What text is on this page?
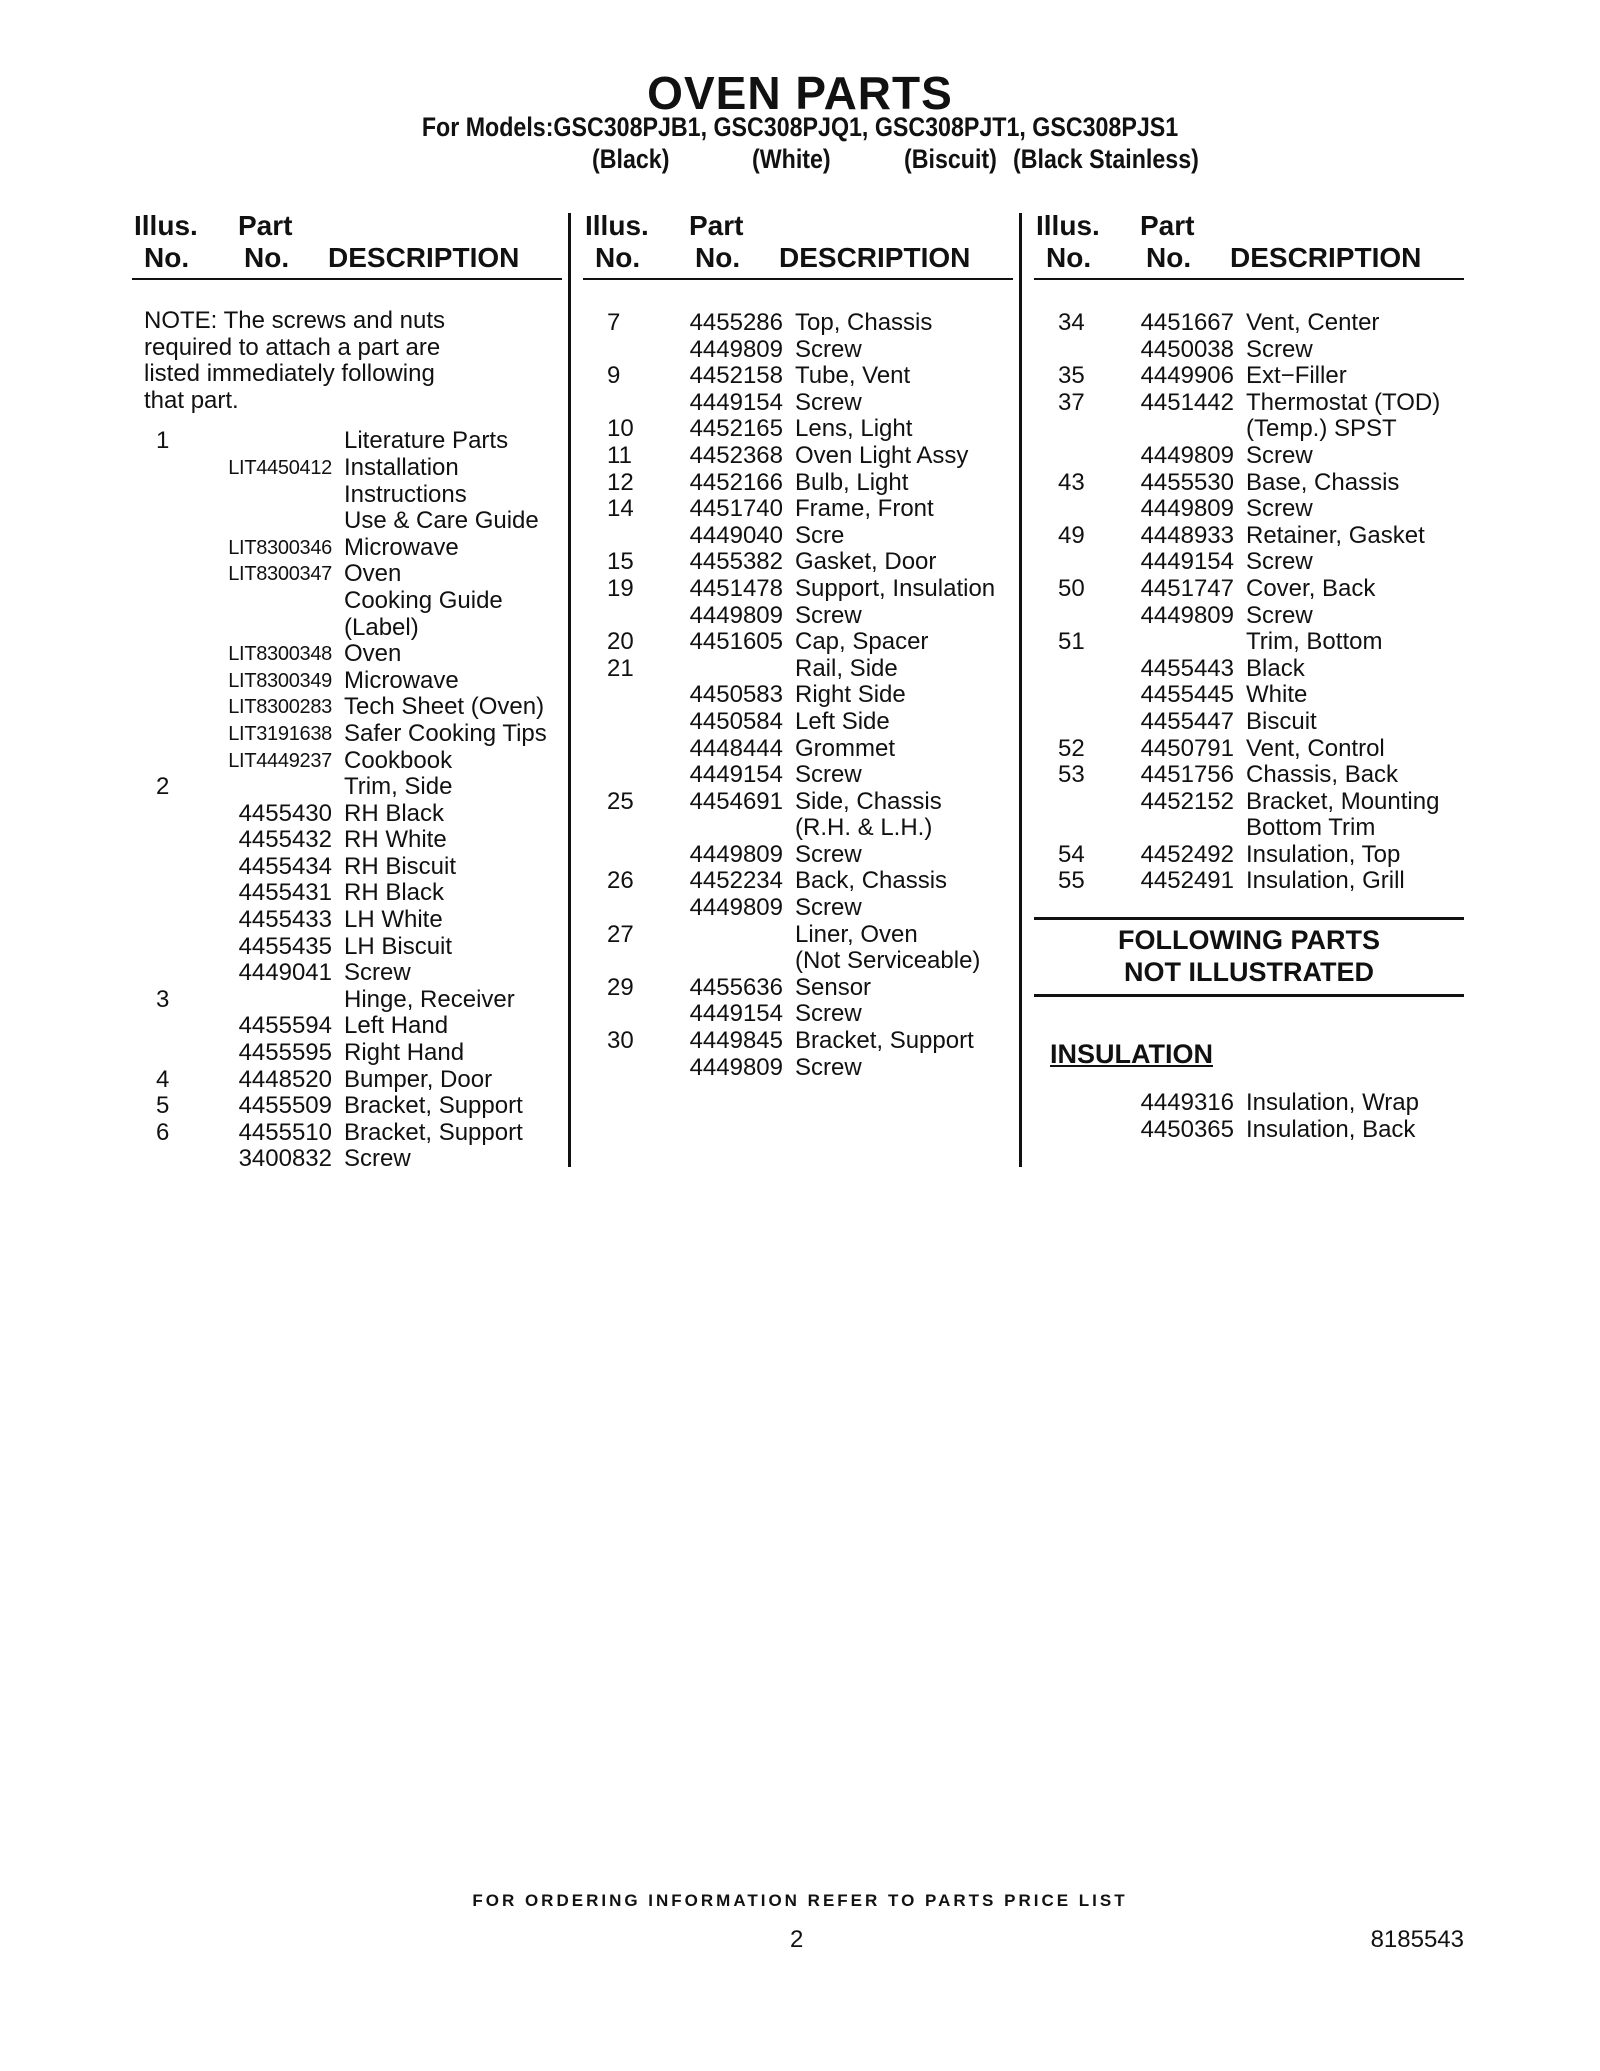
OVEN PARTS
For Models:GSC308PJB1, GSC308PJQ1, GSC308PJT1, GSC308PJS1
(Black)	(White)	(Biscuit) (Black Stainless)
Illus.
No.
Part
No. DESCRIPTION
NOTE: The screws and nuts
required to attach a part are
listed immediately following
that part.
1	Literature Parts
LIT4450412 Installation
Instructions
Use & Care Guide
LIT8300346 Microwave
LIT8300347 Oven
Cooking Guide
(Label)
LIT8300348 Oven
LIT8300349 Microwave
LIT8300283 Tech Sheet (Oven)
LIT3191638 Safer Cooking Tips
LIT4449237 Cookbook
2	Trim, Side
4455430 RH Black
4455432 RH White
4455434 RH Biscuit
4455431 RH Black
4455433 LH White
4455435 LH Biscuit
4449041 Screw
3	Hinge, Receiver
4455594 Left Hand
4455595 Right Hand
4	4448520 Bumper, Door
5	4455509 Bracket, Support
6	4455510 Bracket, Support
3400832 Screw
Illus.
No.
Part
No. DESCRIPTION
7	4455286 Top, Chassis
4449809 Screw
9	4452158 Tube, Vent
4449154 Screw
10	4452165 Lens, Light
11	4452368 Oven Light Assy
12	4452166 Bulb, Light
14	4451740 Frame, Front
4449040 Scre
15	4455382 Gasket, Door
19	4451478 Support, Insulation
4449809 Screw
20	4451605 Cap, Spacer
21	Rail, Side
4450583 Right Side
4450584 Left Side
4448444 Grommet
4449154 Screw
25	4454691 Side, Chassis
(R.H. & L.H.)
4449809 Screw
26	4452234 Back, Chassis
4449809 Screw
27	Liner, Oven
(Not Serviceable)
29	4455636 Sensor
4449154 Screw
30	4449845 Bracket, Support
4449809 Screw
Illus.
No.
Part
No. DESCRIPTION
34	4451667 Vent, Center
4450038 Screw
35	4449906 Ext−Filler
37	4451442 Thermostat (TOD)
(Temp.) SPST
4449809 Screw
43	4455530 Base, Chassis
4449809 Screw
49	4448933 Retainer, Gasket
4449154 Screw
50	4451747 Cover, Back
4449809 Screw
51	Trim, Bottom
4455443 Black
4455445 White
4455447 Biscuit
52	4450791 Vent, Control
53	4451756 Chassis, Back
4452152 Bracket, Mounting
Bottom Trim
54	4452492 Insulation, Top
55	4452491 Insulation, Grill
FOLLOWING PARTS
NOT ILLUSTRATED
INSULATION
4449316 Insulation, Wrap
4450365 Insulation, Back
FOR ORDERING INFORMATION REFER TO PARTS PRICE LIST
2	8185543
